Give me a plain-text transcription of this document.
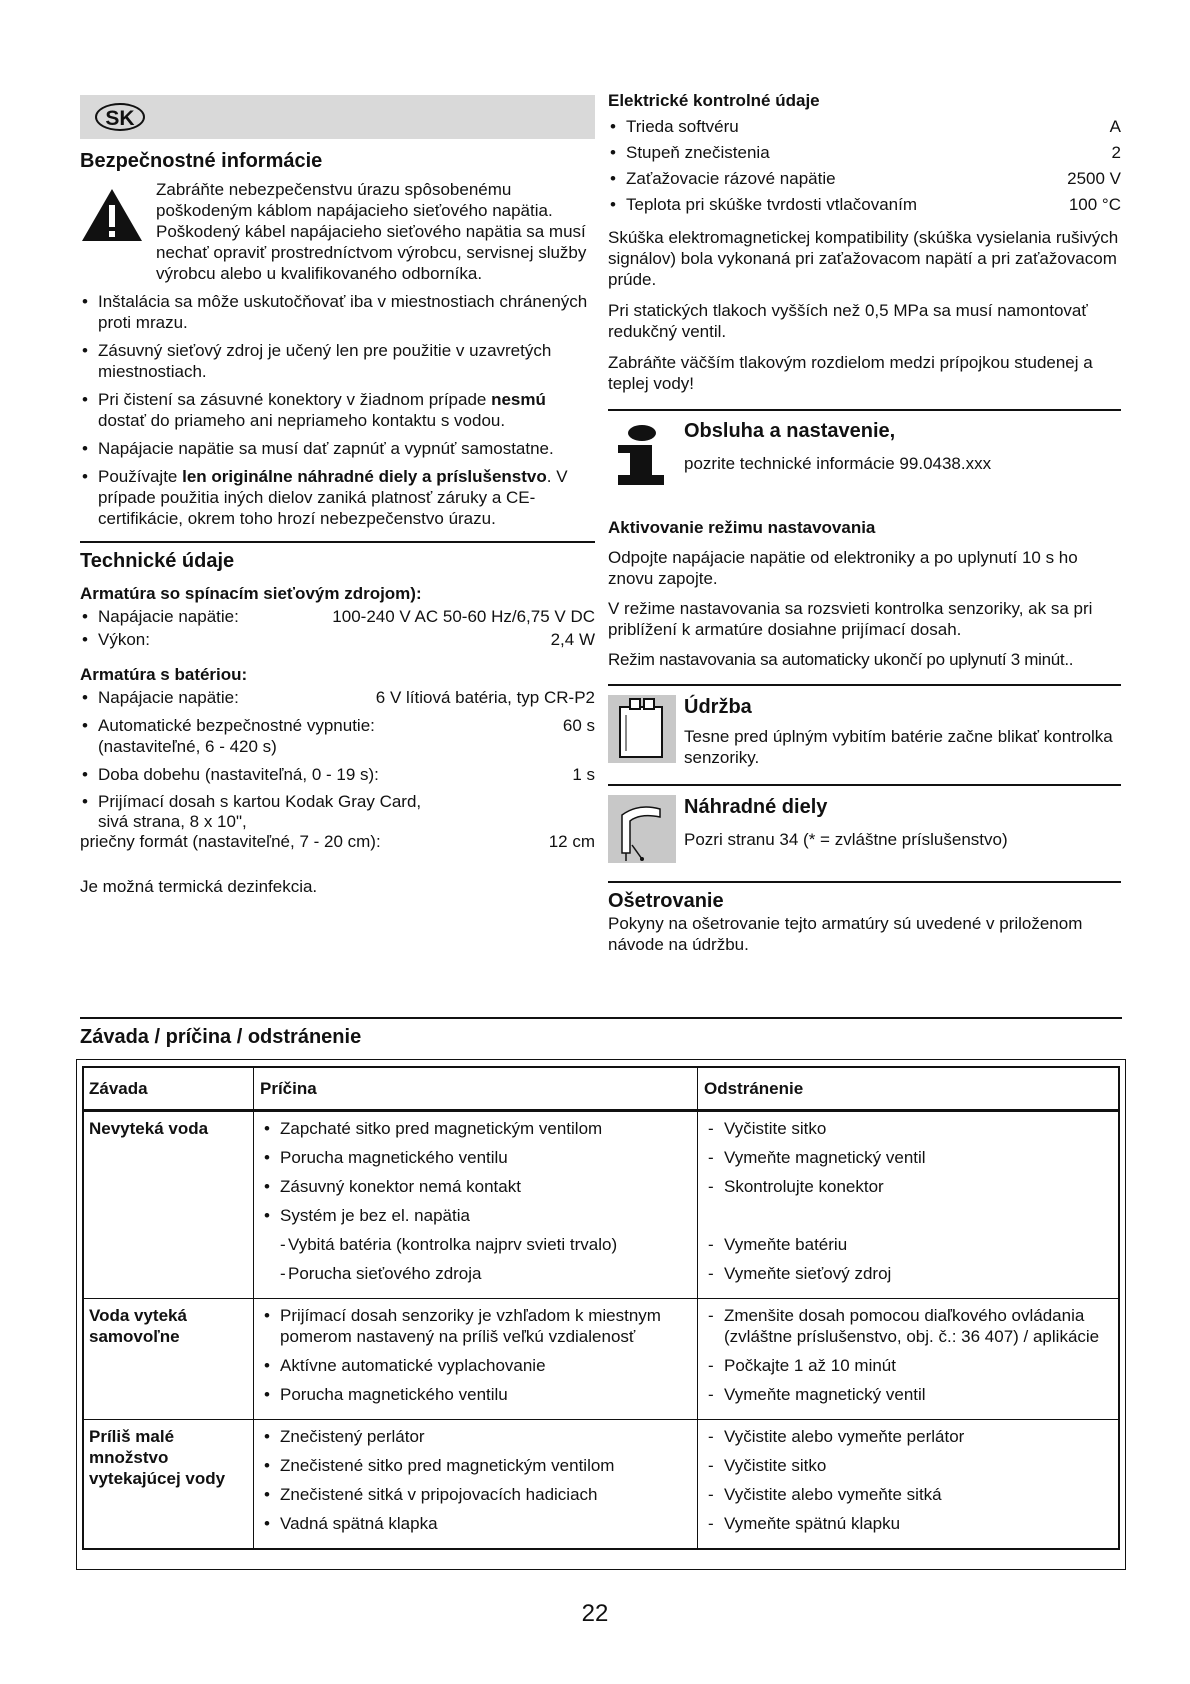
SK
Bezpečnostné informácie
Zabráňte nebezpečenstvu úrazu spôsobenému poškodeným káblom napájacieho sieťového napätia. Poškodený kábel napájacieho sieťového napätia sa musí nechať opraviť prostredníctvom výrobcu, servisnej služby výrobcu alebo u kvalifikovaného odborníka.
• Inštalácia sa môže uskutočňovať iba v miestnostiach chránených proti mrazu.
• Zásuvný sieťový zdroj je učený len pre použitie v uzavretých miestnostiach.
• Pri čistení sa zásuvné konektory v žiadnom prípade nesmú dostať do priameho ani nepriameho kontaktu s vodou.
• Napájacie napätie sa musí dať zapnúť a vypnúť samostatne.
• Používajte len originálne náhradné diely a príslušenstvo. V prípade použitia iných dielov zaniká platnosť záruky a CE-certifikácie, okrem toho hrozí nebezpečenstvo úrazu.
Technické údaje
Armatúra so spínacím sieťovým zdrojom):
• Napájacie napätie:	100-240 V AC 50-60 Hz/6,75 V DC
• Výkon:	2,4 W
Armatúra s batériou:
• Napájacie napätie:	6 V lítiová batéria, typ CR-P2
• Automatické bezpečnostné vypnutie:	60 s
(nastaviteľné, 6 - 420 s)
• Doba dobehu (nastaviteľná, 0 - 19 s):	1 s
• Prijímací dosah s kartou Kodak Gray Card,
sivá strana, 8 x 10",
priečny formát (nastaviteľné, 7 - 20 cm):	12 cm

Je možná termická dezinfekcia.

Elektrické kontrolné údaje
• Trieda softvéru	A
• Stupeň znečistenia	2
• Zaťažovacie rázové napätie	2500 V
• Teplota pri skúške tvrdosti vtlačovaním	100 °C

Skúška elektromagnetickej kompatibility (skúška vysielania rušivých signálov) bola vykonaná pri zaťažovacom napätí a pri zaťažovacom prúde.

Pri statických tlakoch vyšších než 0,5 MPa sa musí namontovať redukčný ventil.

Zabráňte väčším tlakovým rozdielom medzi prípojkou studenej a teplej vody!

Obsluha a nastavenie,
pozrite technické informácie 99.0438.xxx
Aktivovanie režimu nastavovania

Odpojte napájacie napätie od elektroniky a po uplynutí 10 s ho znovu zapojte.

V režime nastavovania sa rozsvieti kontrolka senzoriky, ak sa pri priblížení k armatúre dosiahne prijímací dosah.

Režim nastavovania sa automaticky ukončí po uplynutí 3 minút..

Údržba
Tesne pred úplným vybitím batérie začne blikať kontrolka senzoriky.
Náhradné diely
Pozri stranu 34 (* = zvláštne príslušenstvo)
Ošetrovanie

Pokyny na ošetrovanie tejto armatúry sú uvedené v priloženom návode na údržbu.

Závada / príčina / odstránenie
Závada	Príčina	Odstránenie
Nevyteká voda
•	Zapchaté sitko pred magnetickým ventilom
• Porucha magnetického ventilu
• Zásuvný konektor nemá kontakt
• Systém je bez el. napätia
- Vybitá batéria (kontrolka najprv svieti trvalo)
- Porucha sieťového zdroja
- Vyčistite sitko
- Vymeňte magnetický ventil
- Skontrolujte konektor
- Vymeňte batériu
- Vymeňte sieťový zdroj
Voda vyteká samovoľne
• Prijímací dosah senzoriky je vzhľadom k miestnym pomerom nastavený na príliš veľkú vzdialenosť
• Aktívne automatické vyplachovanie
• Porucha magnetického ventilu
- Zmenšite dosah pomocou diaľkového ovládania (zvláštne príslušenstvo, obj. č.: 36 407) / aplikácie
- Počkajte 1 až 10 minút
- Vymeňte magnetický ventil
Príliš malé množstvo vytekajúcej vody
• Znečistený perlátor
• Znečistené sitko pred magnetickým ventilom
• Znečistené sitká v pripojovacích hadiciach
• Vadná spätná klapka
- Vyčistite alebo vymeňte perlátor
- Vyčistite sitko
- Vyčistite alebo vymeňte sitká
- Vymeňte spätnú klapku
22
